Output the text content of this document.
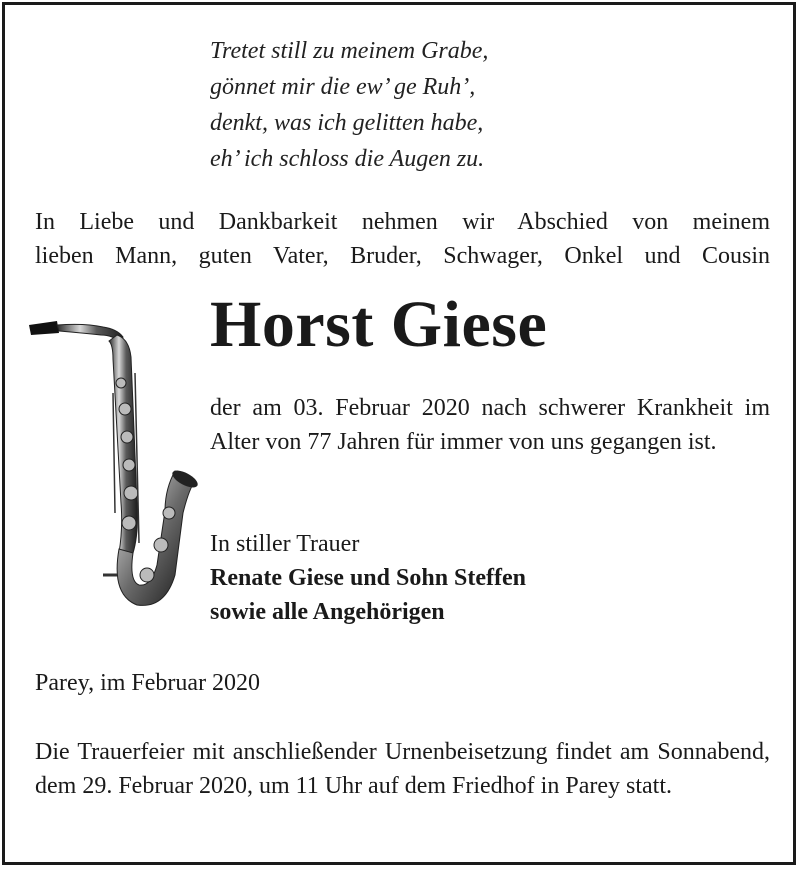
Tretet still zu meinem Grabe,
gönnet mir die ew’ ge Ruh’,
denkt, was ich gelitten habe,
eh’ ich schloss die Augen zu.
In Liebe und Dankbarkeit nehmen wir Abschied von meinem
lieben Mann, guten Vater, Bruder, Schwager, Onkel und Cousin
Horst Giese
der am 03. Februar 2020 nach schwerer Krankheit im Alter von 77 Jahren für immer von uns gegangen ist.
In stiller Trauer
Renate Giese und Sohn Steffen
sowie alle Angehörigen
Parey, im Februar 2020
Die Trauerfeier mit anschließender Urnenbeisetzung findet am Sonnabend, dem 29. Februar 2020, um 11 Uhr auf dem Friedhof in Parey statt.
